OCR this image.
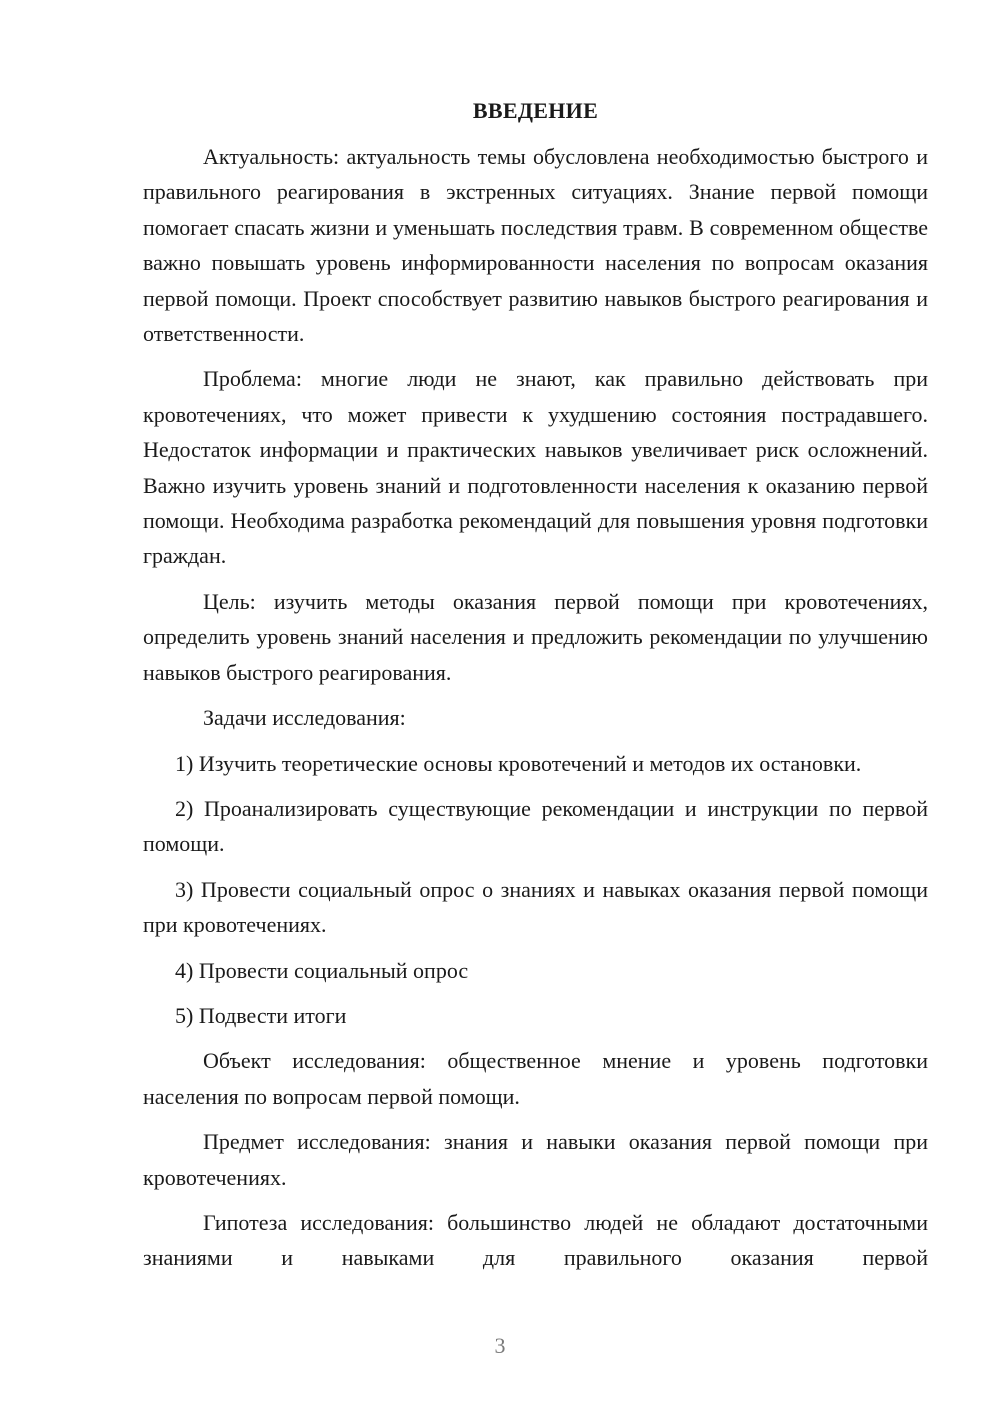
ВВЕДЕНИЕ

Актуальность: актуальность темы обусловлена необходимостью быстрого и правильного реагирования в экстренных ситуациях. Знание первой помощи помогает спасать жизни и уменьшать последствия травм. В современном обществе важно повышать уровень информированности населения по вопросам оказания первой помощи. Проект способствует развитию навыков быстрого реагирования и ответственности.

Проблема: многие люди не знают, как правильно действовать при кровотечениях, что может привести к ухудшению состояния пострадавшего. Недостаток информации и практических навыков увеличивает риск осложнений. Важно изучить уровень знаний и подготовленности населения к оказанию первой помощи. Необходима разработка рекомендаций для повышения уровня подготовки граждан.

Цель: изучить методы оказания первой помощи при кровотечениях, определить уровень знаний населения и предложить рекомендации по улучшению навыков быстрого реагирования.

Задачи исследования:

1) Изучить теоретические основы кровотечений и методов их остановки.

2) Проанализировать существующие рекомендации и инструкции по первой помощи.

3) Провести социальный опрос о знаниях и навыках оказания первой помощи при кровотечениях.

4) Провести социальный опрос

5) Подвести итоги

Объект исследования: общественное мнение и уровень подготовки населения по вопросам первой помощи.

Предмет исследования: знания и навыки оказания первой помощи при кровотечениях.

Гипотеза исследования: большинство людей не обладают достаточными знаниями и навыками для правильного оказания первой

3
